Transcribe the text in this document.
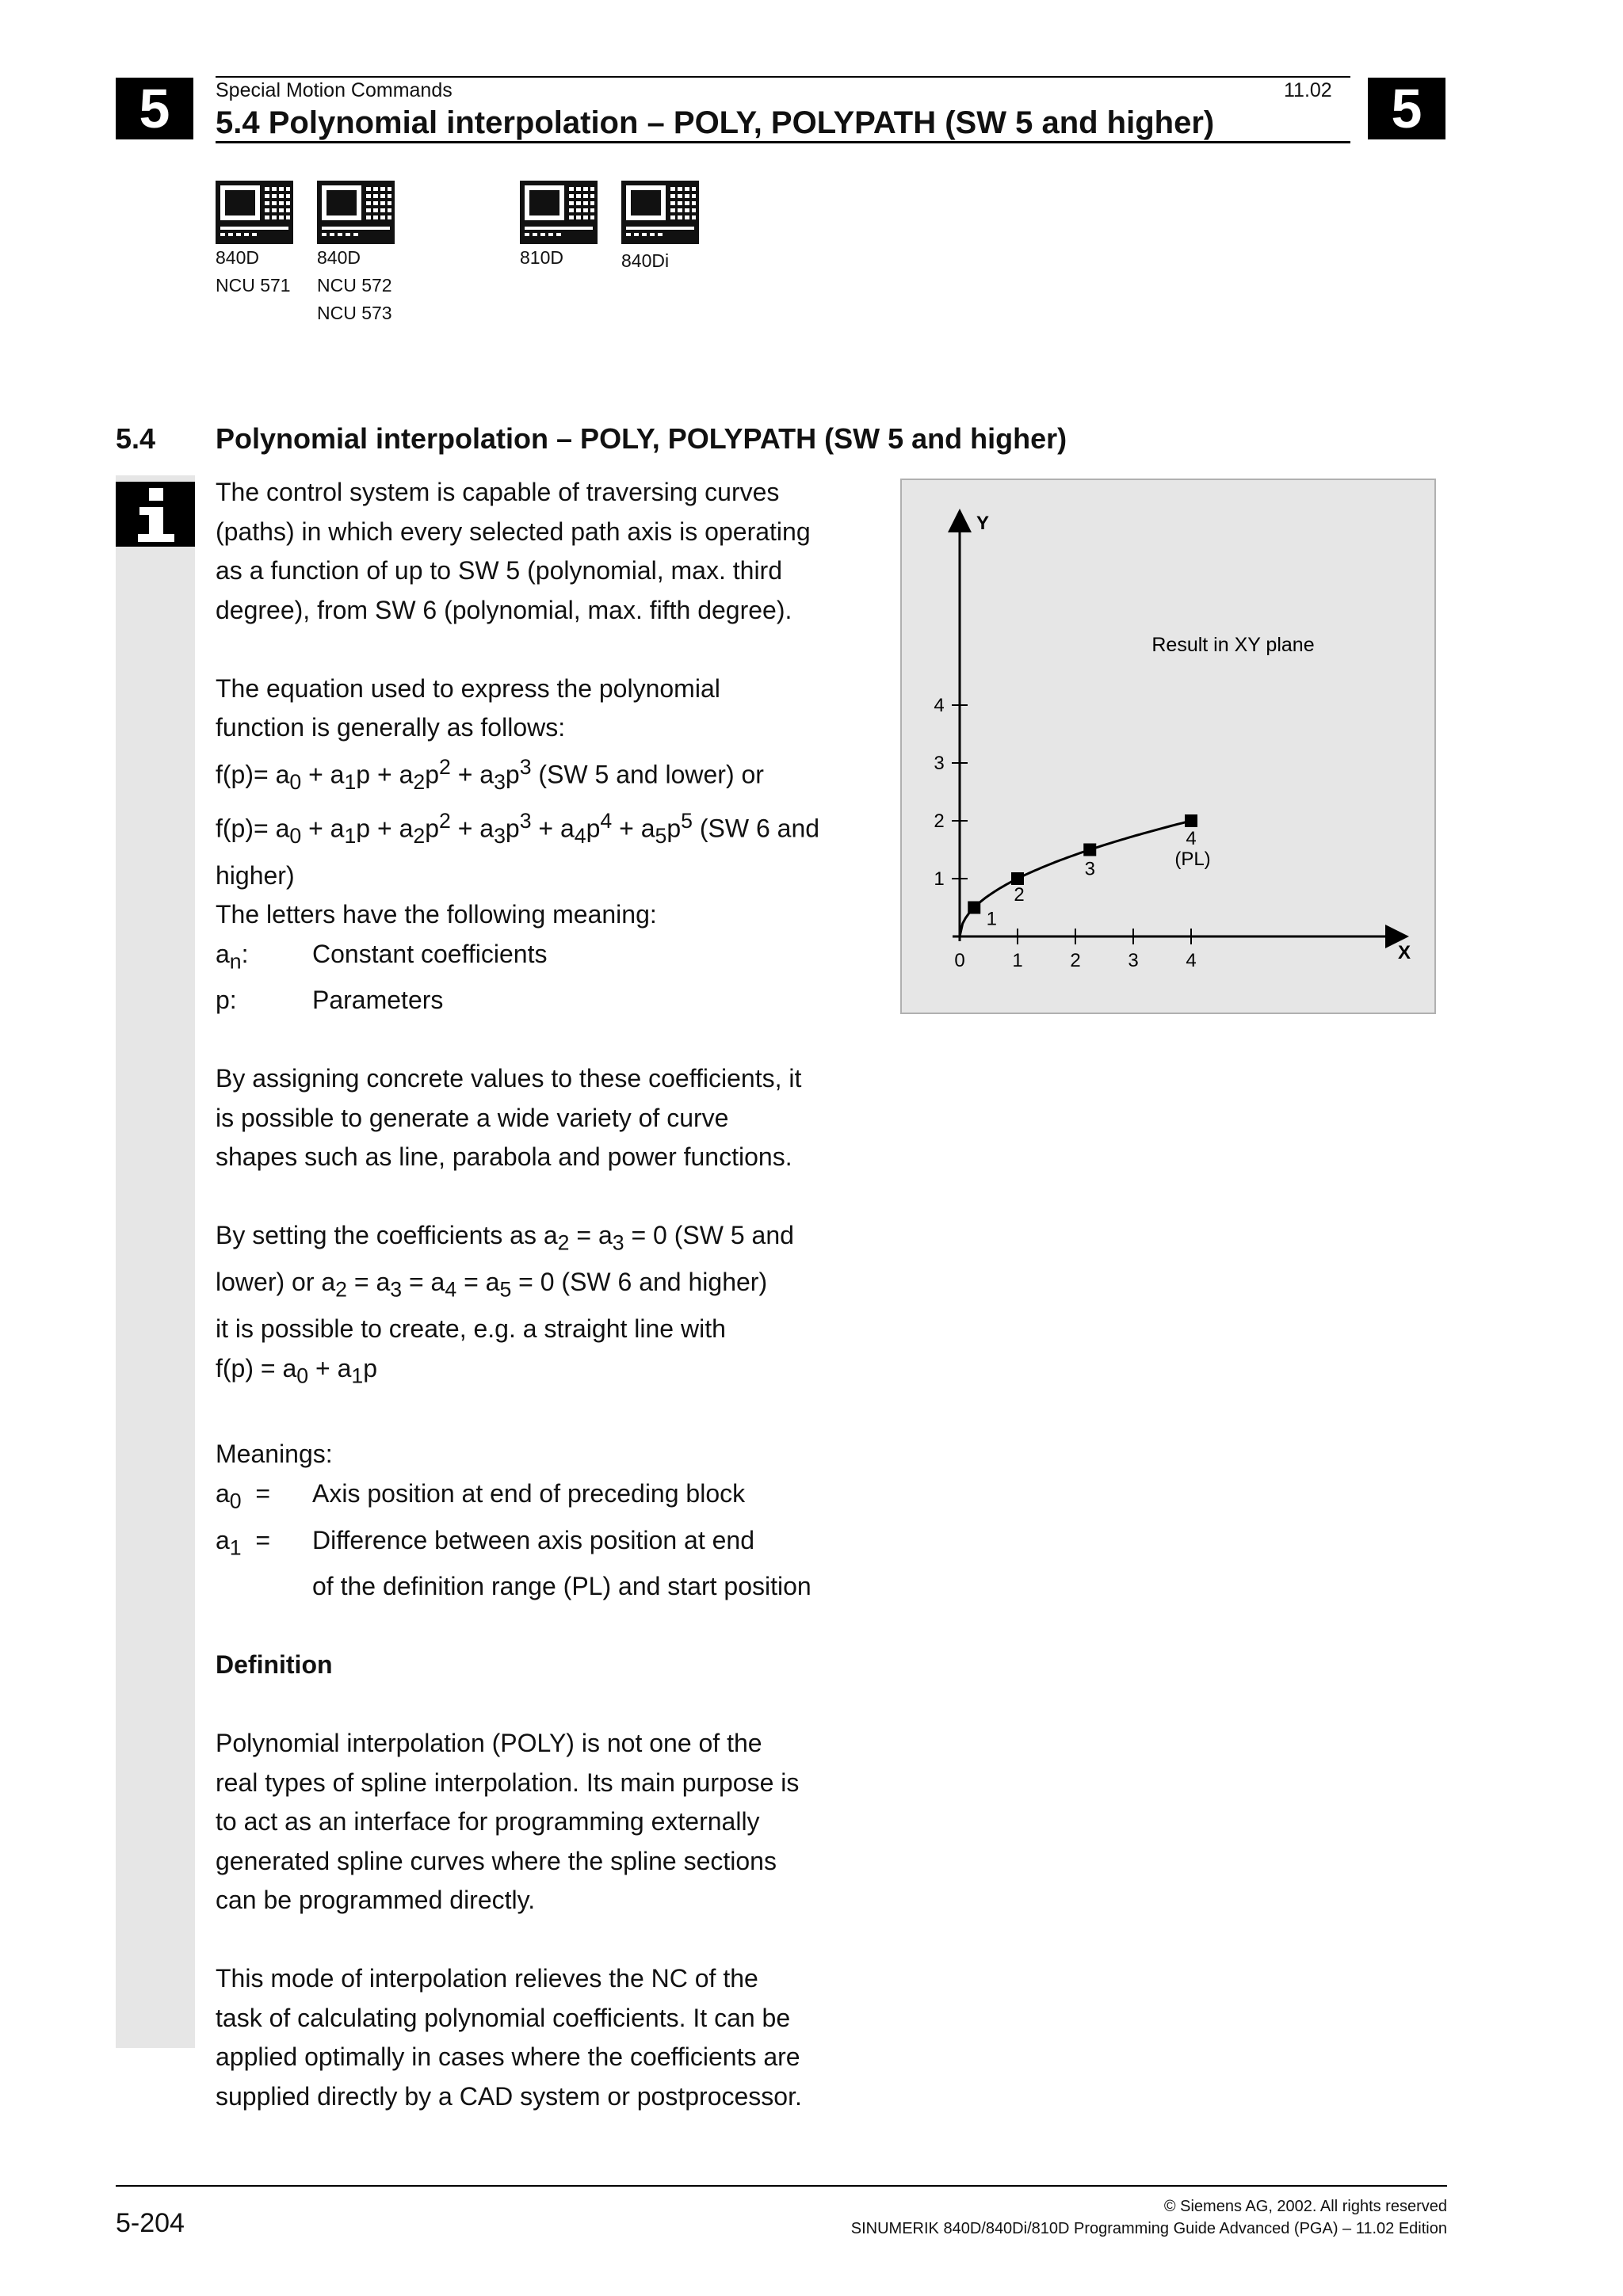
5	5
Special Motion Commands	11.02
5.4 Polynomial interpolation – POLY, POLYPATH (SW 5 and higher)
840D
NCU 571
840D
NCU 572
NCU 573
810D	840Di
5.4 Polynomial interpolation – POLY, POLYPATH (SW 5 and higher)

The control system is capable of traversing curves

(paths) in which every selected path axis is operating

as a function of up to SW 5 (polynomial, max. third

degree), from SW 6 (polynomial, max. fifth degree).

The equation used to express the polynomial

function is generally as follows:

$f(p)= a_0 + a_1p + a_2p^2 + a_3p^3$ (SW 5 and lower) or

$f(p)= a_0 + a_1p + a_2p^2 + a_3p^3 + a_4p^4 + a_5p^5$ (SW 6 and

higher)

The letters have the following meaning:

$a_n$:	Constant coefficients

p:	Parameters

By assigning concrete values to these coefficients, it

is possible to generate a wide variety of curve

shapes such as line, parabola and power functions.

By setting the coefficients as $a_2 = a_3 = 0$ (SW 5 and

lower) or $a_2 = a_3 = a_4 = a_5 = 0$ (SW 6 and higher)

it is possible to create, e.g. a straight line with

$f(p) = a_0 + a_1p$

Meanings:

$a_0$  = Axis position at end of preceding block

$a_1$  = Difference between axis position at end

of the definition range (PL) and start position

Definition

Polynomial interpolation (POLY) is not one of the

real types of spline interpolation. Its main purpose is

to act as an interface for programming externally

generated spline curves where the spline sections

can be programmed directly.

This mode of interpolation relieves the NC of the

task of calculating polynomial coefficients. It can be

applied optimally in cases where the coefficients are

supplied directly by a CAD system or postprocessor.

X
Y
Result in XY plane
0 1 2 3 4
1
2
3
4
1
2
3
4
(PL)
5-204
© Siemens AG, 2002. All rights reserved
SINUMERIK 840D/840Di/810D Programming Guide Advanced (PGA) – 11.02 Edition
